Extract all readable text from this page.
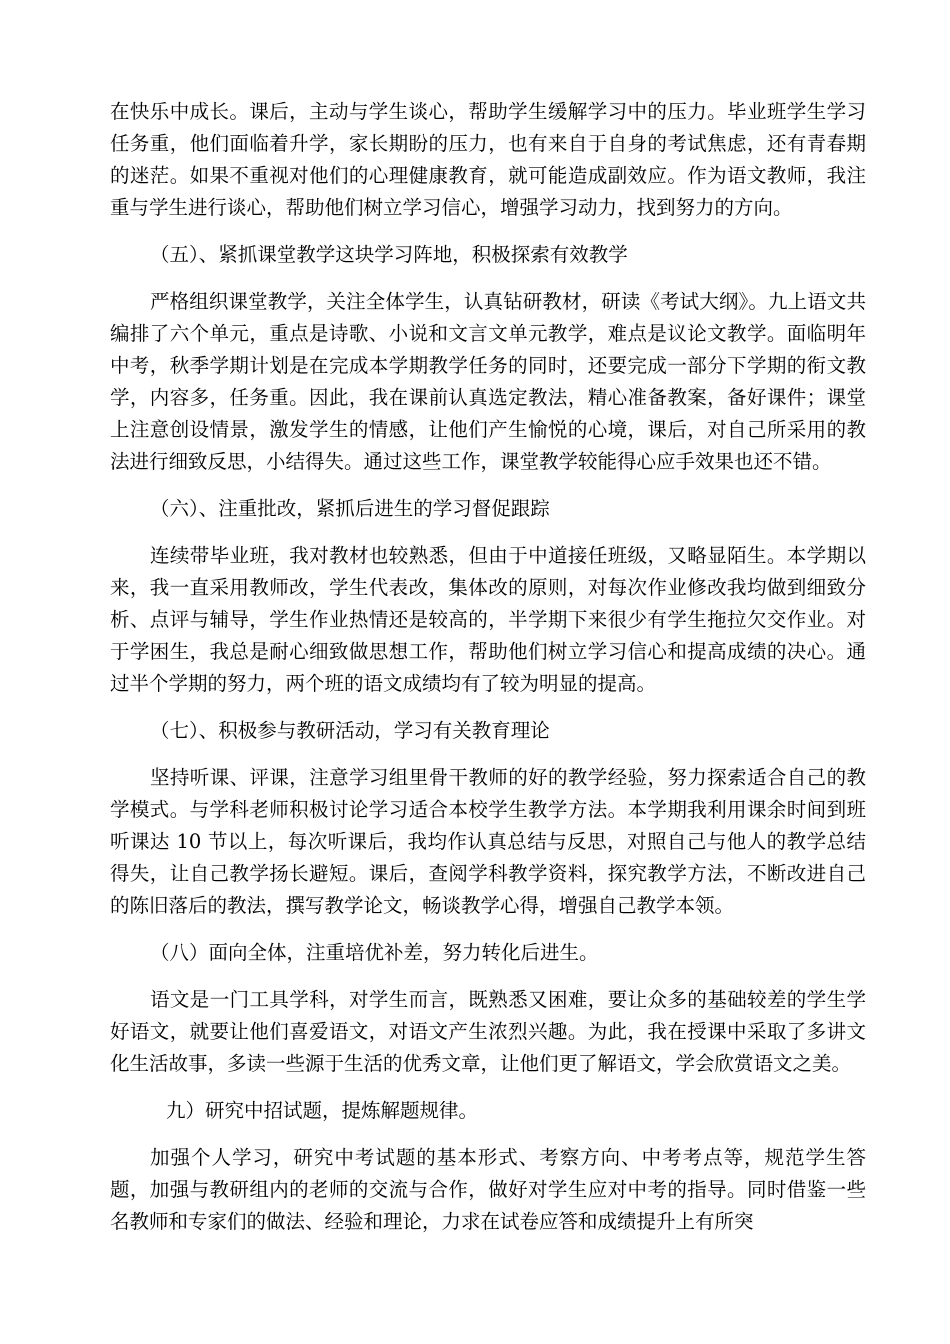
在快乐中成长。课后，主动与学生谈心，帮助学生缓解学习中的压力。毕业班学生学习任务重，他们面临着升学，家长期盼的压力，也有来自于自身的考试焦虑，还有青春期的迷茫。如果不重视对他们的心理健康教育，就可能造成副效应。作为语文教师，我注重与学生进行谈心，帮助他们树立学习信心，增强学习动力，找到努力的方向。

（五）、紧抓课堂教学这块学习阵地，积极探索有效教学

严格组织课堂教学，关注全体学生，认真钻研教材，研读《考试大纲》。九上语文共编排了六个单元，重点是诗歌、小说和文言文单元教学，难点是议论文教学。面临明年中考，秋季学期计划是在完成本学期教学任务的同时，还要完成一部分下学期的衔文教学，内容多，任务重。因此，我在课前认真选定教法，精心准备教案，备好课件；课堂上注意创设情景，激发学生的情感，让他们产生愉悦的心境，课后，对自己所采用的教法进行细致反思，小结得失。通过这些工作，课堂教学较能得心应手效果也还不错。

（六）、注重批改，紧抓后进生的学习督促跟踪

连续带毕业班，我对教材也较熟悉，但由于中道接任班级，又略显陌生。本学期以来，我一直采用教师改，学生代表改，集体改的原则，对每次作业修改我均做到细致分析、点评与辅导，学生作业热情还是较高的，半学期下来很少有学生拖拉欠交作业。对于学困生，我总是耐心细致做思想工作，帮助他们树立学习信心和提高成绩的决心。通过半个学期的努力，两个班的语文成绩均有了较为明显的提高。

（七）、积极参与教研活动，学习有关教育理论

坚持听课、评课，注意学习组里骨干教师的好的教学经验，努力探索适合自己的教学模式。与学科老师积极讨论学习适合本校学生教学方法。本学期我利用课余时间到班听课达 10 节以上，每次听课后，我均作认真总结与反思，对照自己与他人的教学总结得失，让自己教学扬长避短。课后，查阅学科教学资料，探究教学方法，不断改进自己的陈旧落后的教法，撰写教学论文，畅谈教学心得，增强自己教学本领。

（八）面向全体，注重培优补差，努力转化后进生。

语文是一门工具学科，对学生而言，既熟悉又困难，要让众多的基础较差的学生学好语文，就要让他们喜爱语文，对语文产生浓烈兴趣。为此，我在授课中采取了多讲文化生活故事，多读一些源于生活的优秀文章，让他们更了解语文，学会欣赏语文之美。

九）研究中招试题，提炼解题规律。

加强个人学习，研究中考试题的基本形式、考察方向、中考考点等，规范学生答题，加强与教研组内的老师的交流与合作，做好对学生应对中考的指导。同时借鉴一些名教师和专家们的做法、经验和理论，力求在试卷应答和成绩提升上有所突
